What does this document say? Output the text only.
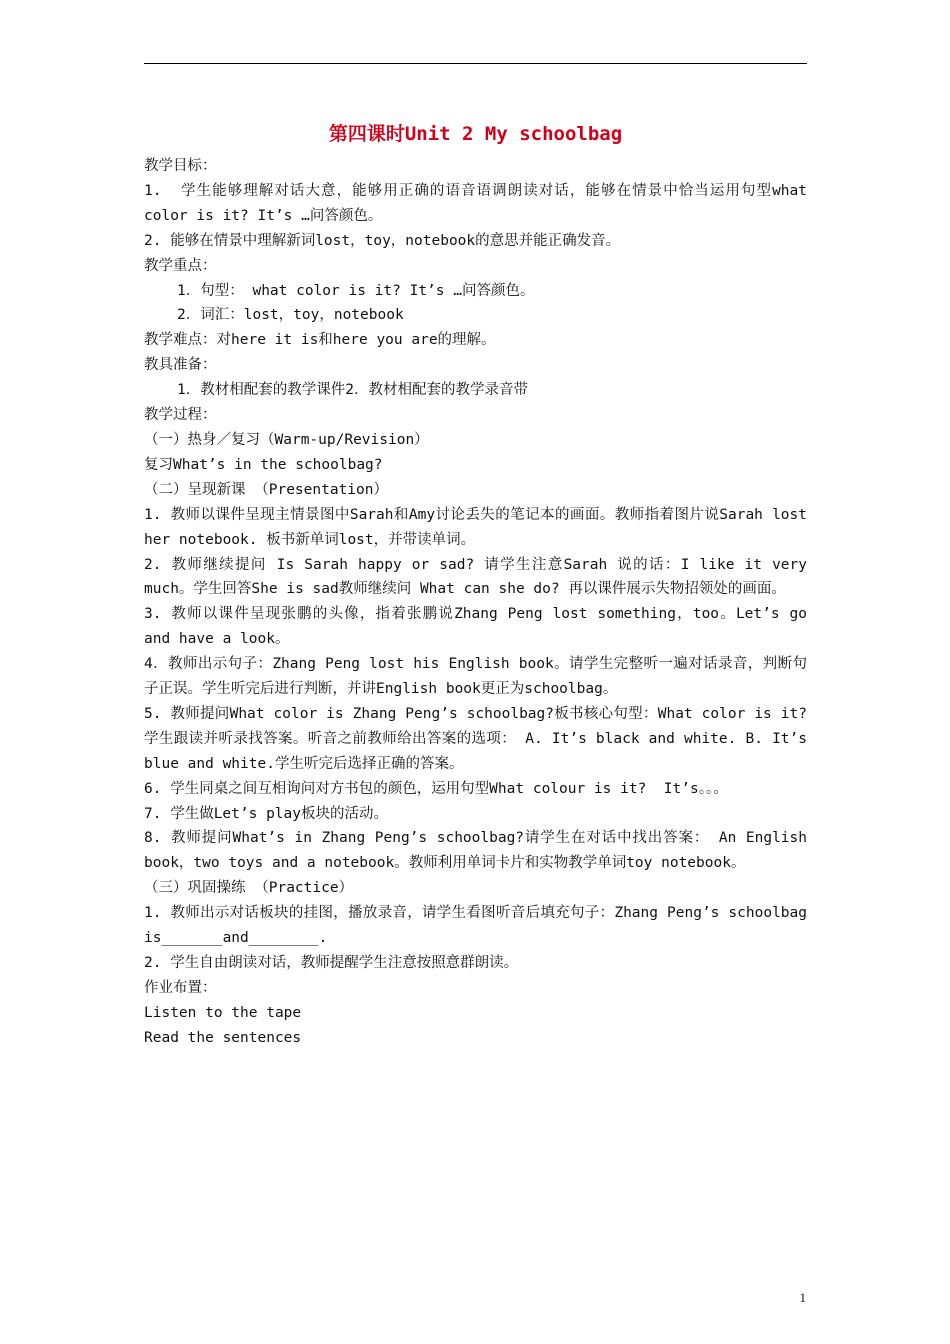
第四课时Unit 2 My schoolbag

教学目标：

1.  学生能够理解对话大意，能够用正确的语音语调朗读对话，能够在情景中恰当运用句型what color is it? It’s …问答颜色。

2. 能够在情景中理解新词lost，toy，notebook的意思并能正确发音。

教学重点：

1．句型： what color is it? It’s …问答颜色。

2．词汇：lost，toy，notebook

教学难点：对here it is和here you are的理解。

教具准备：

1．教材相配套的教学课件2．教材相配套的教学录音带

教学过程：

（一）热身／复习（Warm-up/Revision）

复习What’s in the schoolbag?

（二）呈现新课 （Presentation）

1. 教师以课件呈现主情景图中Sarah和Amy讨论丢失的笔记本的画面。教师指着图片说Sarah lost her notebook. 板书新单词lost，并带读单词。

2. 教师继续提问 Is Sarah happy or sad? 请学生注意Sarah 说的话：I like it very much。学生回答She is sad教师继续问 What can she do? 再以课件展示失物招领处的画面。

3. 教师以课件呈现张鹏的头像，指着张鹏说Zhang Peng lost something，too。Let’s go and have a look。

4．教师出示句子：Zhang Peng lost his English book。请学生完整听一遍对话录音，判断句子正误。学生听完后进行判断，并讲English book更正为schoolbag。

5. 教师提问What color is Zhang Peng’s schoolbag?板书核心句型：What color is it? 学生跟读并听录找答案。听音之前教师给出答案的选项： A. It’s black and white. B. It’s blue and white.学生听完后选择正确的答案。

6. 学生同桌之间互相询问对方书包的颜色，运用句型What colour is it?  It’s。。。

7. 学生做Let’s play板块的活动。

8. 教师提问What’s in Zhang Peng’s schoolbag?请学生在对话中找出答案： An English book，two toys and a notebook。教师利用单词卡片和实物教学单词toy notebook。

（三）巩固操练 （Practice）

1. 教师出示对话板块的挂图，播放录音，请学生看图听音后填充句子：Zhang Peng’s schoolbag is_______and________.

2. 学生自由朗读对话，教师提醒学生注意按照意群朗读。

作业布置：

Listen to the tape

Read the sentences

1
